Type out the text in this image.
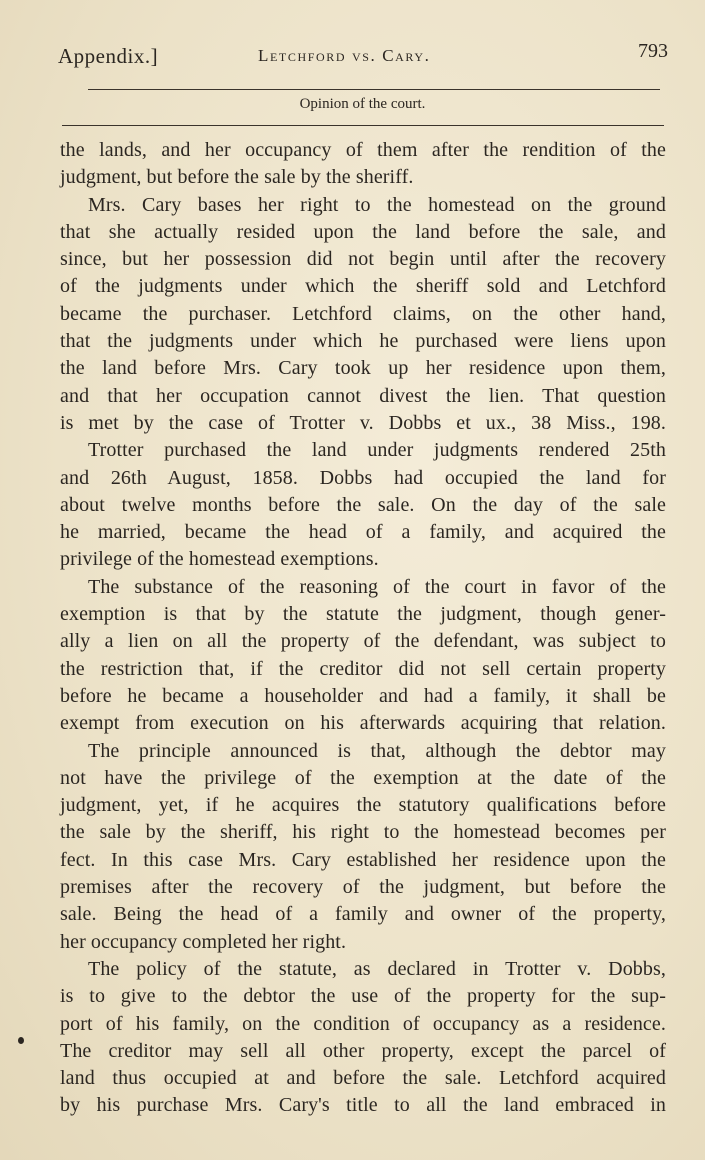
Appendix.]	Letchford vs. Cary.	793
Opinion of the court.
the lands, and her occupancy of them after the rendition of the
judgment, but before the sale by the sheriff.
Mrs. Cary bases her right to the homestead on the ground
that she actually resided upon the land before the sale, and
since, but her possession did not begin until after the recovery
of the judgments under which the sheriff sold and Letchford
became the purchaser. Letchford claims, on the other hand,
that the judgments under which he purchased were liens upon
the land before Mrs. Cary took up her residence upon them,
and that her occupation cannot divest the lien. That question
is met by the case of Trotter v. Dobbs et ux., 38 Miss., 198.
Trotter purchased the land under judgments rendered 25th
and 26th August, 1858. Dobbs had occupied the land for
about twelve months before the sale. On the day of the sale
he married, became the head of a family, and acquired the
privilege of the homestead exemptions.
The substance of the reasoning of the court in favor of the
exemption is that by the statute the judgment, though gener-
ally a lien on all the property of the defendant, was subject to
the restriction that, if the creditor did not sell certain property
before he became a householder and had a family, it shall be
exempt from execution on his afterwards acquiring that relation.
The principle announced is that, although the debtor may
not have the privilege of the exemption at the date of the
judgment, yet, if he acquires the statutory qualifications before
the sale by the sheriff, his right to the homestead becomes per
fect. In this case Mrs. Cary established her residence upon the
premises after the recovery of the judgment, but before the
sale. Being the head of a family and owner of the property,
her occupancy completed her right.
The policy of the statute, as declared in Trotter v. Dobbs,
is to give to the debtor the use of the property for the sup-
port of his family, on the condition of occupancy as a residence.
The creditor may sell all other property, except the parcel of
land thus occupied at and before the sale. Letchford acquired
by his purchase Mrs. Cary's title to all the land embraced in
